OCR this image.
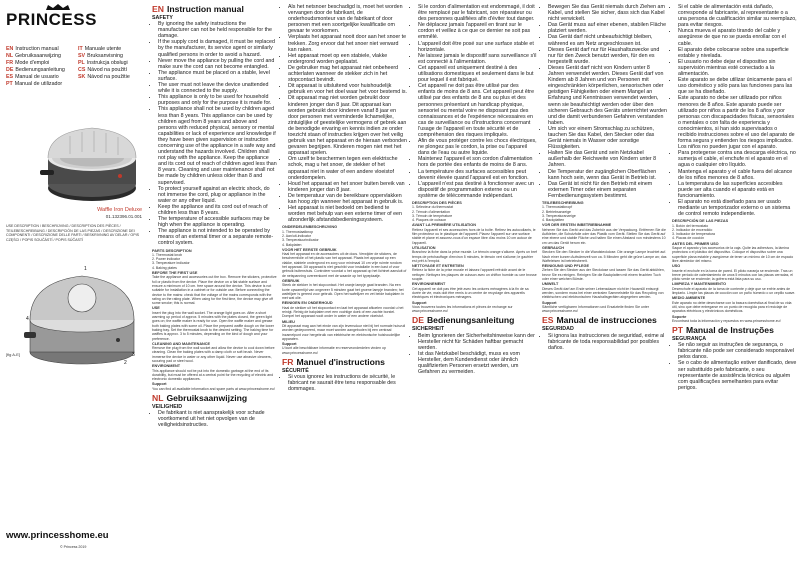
PRINCESS
EN Instruction manual	IT Manuale utente
NL Gebruiksaanwijzing	SV Bruksanvisning
FR Mode d'emploi	PL Instrukcja obsługi
DE Bedienungsanleitung	CS Návod na použití
ES Manual de usuario	SK Návod na použitie
PT Manual de utilizador
Waffle Iron Deluxe
01.132396.01.001
USE DESCRIPTION / BESCHRIJVING / DESCRIPTION DES PIÈCES / TEILEBESCHREIBUNG / DESCRIPCIÓN DE LAS PIEZAS / DESCRIZIONE DEI COMPONENTI / DESCRIZIONE DELLE PARTI / BESKRIVNING AV DELAR / OPIS CZĘŚCI / POPIS SOUČÁSTÍ / POPIS SÚČASTÍ
1
2
3
4
[fig A-E]
www.princesshome.eu
© Princess 2019
EN Instruction manual
SAFETY
• By ignoring the safety instructions the manufacturer can not be held responsible for the damage.
• If the supply cord is damaged, it must be replaced by the manufacturer, its service agent or similarly qualified persons in order to avoid a hazard.
• Never move the appliance by pulling the cord and make sure the cord can not become entangled.
• The appliance must be placed on a stable, level surface.
• The user must not leave the device unattended while it is connected to the supply.
• This appliance is only to be used for household purposes and only for the purpose it is made for.
• This appliance shall not be used by children aged less than 8 years. This appliance can be used by children aged from 8 years and above and persons with reduced physical, sensory or mental capabilities or lack of experience and knowledge if they have been given supervision or instruction concerning use of the appliance in a safe way and understand the hazards involved. Children shall not play with the appliance. Keep the appliance and its cord out of reach of children aged less than 8 years. Cleaning and user maintenance shall not be made by children unless older than 8 and supervised.
• To protect yourself against an electric shock, do not immerse the cord, plug or appliance in the water or any other liquid.
• Keep the appliance and its cord out of reach of children less than 8 years.
• The temperature of accessible surfaces may be high when the appliance is operating.
• The appliance is not intended to be operated by means of an external timer or a separate remote-control system.
PARTS DESCRIPTION
1. Thermostat knob
2. Power indicator
3. Temperature indicator
4. Baking plates
BEFORE THE FIRST USE
Take the appliance and accessories out the box. Remove the stickers, protective foil or plastic from the device. Place the device on a flat stable surface and ensure a minimum of 10 cm. free space around the device. This device is not suitable for installation in a cabinet or for outside use. Before connecting the device to the mains: check that the voltage of the mains corresponds with the rating on the rating plate. When using for the first time, the device may give off some smoke; this is normal.
USE
Insert the plug into the wall socket. The orange light goes on. After a short warming up period of approx. 5 minutes with the plates closed, the green light goes on; the waffle maker is ready for use. Open the waffle maker and grease both baking plates with some oil. Place the prepared waffle dough on the lower baking tray. Set the thermostat knob to the desired setting. The baking time for waffles is approx. 3 to 5 minutes, depending on the kind of dough and your preference.
CLEANING AND MAINTENANCE
Remove the plug from the wall socket and allow the device to cool down before cleaning. Clean the baking plates with a damp cloth or soft brush. Never immerse the device in water or any other liquid. Never use abrasive cleaners, scouring pad or steel wool.
ENVIRONMENT
This appliance should not be put into the domestic garbage at the end of its durability, but must be offered at a central point for the recycling of electric and electronic domestic appliances.
Support
You can find all available information and spare parts at www.princesshome.eu!
NL Gebruiksaanwijzing
VEILIGHEID
• De fabrikant is niet aansprakelijk voor schade voortkomend uit het niet opvolgen van de veiligheidsinstructies.
• Als het netsnoer beschadigd is, moet het worden vervangen door de fabrikant, de onderhoudsmonteur van de fabrikant of door personen met een soortgelijke kwalificatie om gevaar te voorkomen.
• Verplaats het apparaat nooit door aan het snoer te trekken. Zorg ervoor dat het snoer niet verward kan raken.
• Het apparaat moet op een stabiele, vlakke ondergrond worden geplaatst.
• De gebruiker mag het apparaat niet onbeheerd achterlaten wanneer de stekker zich in het stopcontact bevindt.
• Dit apparaat is uitsluitend voor huishoudelijk gebruik en voor het doel waar het voor bestemd is.
• Dit apparaat mag niet worden gebruikt door kinderen jonger dan 8 jaar. Dit apparaat kan worden gebruikt door kinderen vanaf 8 jaar en door personen met verminderde lichamelijke, zintuiglijke of geestelijke vermogens of gebrek aan de benodigde ervaring en kennis indien ze onder toezicht staan of instructies krijgen over het veilig gebruik van het apparaat en de hieraan verbonden gevaren begrijpen. Kinderen mogen niet met het apparaat spelen.
• Om uzelf te beschermen tegen een elektrische schok, mag u het snoer, de stekker of het apparaat niet in water of een andere vloeistof onderdompelen.
• Houd het apparaat en het snoer buiten bereik van kinderen jonger dan 8 jaar.
• De temperatuur van de bereikbare oppervlakken kan hoog zijn wanneer het apparaat in gebruik is.
• Het apparaat is niet bedoeld om bediend te worden met behulp van een externe timer of een afzonderlijk afstandsbedieningssysteem.
ONDERDELENBESCHRIJVING
1. Thermostaatknop
2. Aan/uit-indicator
3. Temperatuurindicator
4. Bakplaten
VOOR HET EERSTE GEBRUIK
Haal het apparaat en de accessoires uit de doos. Verwijder de stickers, de beschermfolie of het plastic van het apparaat. Plaats het apparaat op een vlakke, stabiele ondergrond en zorg voor minimaal 10 cm vrije ruimte rondom het apparaat. Dit apparaat is niet geschikt voor installatie in een kast of voor gebruik buitenshuis. Controleer voordat u het apparaat op het lichtnet aansluit of de netspanning overeenkomt met de waarde op het typeplaatje.
GEBRUIK
Steek de stekker in het stopcontact. Het oranje lampje gaat branden. Na een korte opwarmtijd van ongeveer 5 minuten gaat het groene lampje branden; het wafelijzer is gereed voor gebruik. Open het wafelijzer en vet beide bakplaten in met wat olie.
REINIGEN EN ONDERHOUD
Haal de stekker uit het stopcontact en laat het apparaat afkoelen voordat u het reinigt. Reinig de bakplaten met een vochtige doek of een zachte borstel. Dompel het apparaat nooit onder in water of een andere vloeistof.
MILIEU
Dit apparaat mag aan het einde van zijn levensduur niet bij het normale huisvuil worden gedeponeerd, maar moet worden aangeboden bij een centraal inzamelpunt voor hergebruik van elektrische en elektronische huishoudelijke apparaten.
Support
U kunt alle beschikbare informatie en reserveonderdelen vinden op www.princesshome.eu!
FR Manuel d'instructions
SÉCURITÉ
• Si vous ignorez les instructions de sécurité, le fabricant ne saurait être tenu responsable des dommages.
• Si le cordon d'alimentation est endommagé, il doit être remplacé par le fabricant, son réparateur ou des personnes qualifiées afin d'éviter tout danger.
• Ne déplacez jamais l'appareil en tirant sur le cordon et veillez à ce que ce dernier ne soit pas emmêlé.
• L'appareil doit être posé sur une surface stable et horizontale.
• Ne laissez jamais le dispositif sans surveillance s'il est connecté à l'alimentation.
• Cet appareil est uniquement destiné à des utilisations domestiques et seulement dans le but pour lequel il est fabriqué.
• Cet appareil ne doit pas être utilisé par des enfants de moins de 8 ans. Cet appareil peut être utilisé par des enfants de 8 ans ou plus et des personnes présentant un handicap physique, sensoriel ou mental voire ne disposant pas des connaissances et de l'expérience nécessaires en cas de surveillance ou d'instructions concernant l'usage de l'appareil en toute sécurité et de compréhension des risques impliqués.
• Afin de vous protéger contre les chocs électriques, ne plongez pas le cordon, la prise ou l'appareil dans de l'eau ou autre liquide.
• Maintenez l'appareil et son cordon d'alimentation hors de portée des enfants de moins de 8 ans.
• La température des surfaces accessibles peut devenir élevée quand l'appareil est en fonction.
• L'appareil n'est pas destiné à fonctionner avec un dispositif de programmation externe ou un système de télécommande indépendant.
DESCRIPTION DES PIÈCES
1. Sélecteur du thermostat
2. Témoin d'alimentation
3. Témoin de température
4. Plaques de cuisson
AVANT LA PREMIÈRE UTILISATION
Retirez l'appareil et ses accessoires hors de la boîte. Retirez les autocollants, le film protecteur ou le plastique de l'appareil. Placez l'appareil sur une surface stable et plane et assurez-vous d'un espace libre d'au moins 10 cm autour de l'appareil.
UTILISATION
Branchez la fiche dans la prise murale. Le témoin orange s'allume. Après un bref temps de préchauffage d'environ 5 minutes, le témoin vert s'allume; le gaufrier est prêt à l'emploi.
NETTOYAGE ET ENTRETIEN
Retirez la fiche de la prise murale et laissez l'appareil refroidir avant de le nettoyer. Nettoyez les plaques de cuisson avec un chiffon humide ou une brosse souple.
ENVIRONNEMENT
Cet appareil ne doit pas être jeté avec les ordures ménagères à la fin de sa durée de vie, mais doit être remis à un centre de recyclage des appareils électriques et électroniques ménagers.
Support
Vous trouverez toutes les informations et pièces de rechange sur www.princesshome.eu!
DE Bedienungsanleitung
SICHERHEIT
• Beim Ignorieren der Sicherheitshinweise kann der Hersteller nicht für Schäden haftbar gemacht werden.
• Ist das Netzkabel beschädigt, muss es vom Hersteller, dem Kundendienst oder ähnlich qualifizierten Personen ersetzt werden, um Gefahren zu vermeiden.
• Bewegen Sie das Gerät niemals durch Ziehen am Kabel, und stellen Sie sicher, dass sich das Kabel nicht verwickelt.
• Das Gerät muss auf einer ebenen, stabilen Fläche platziert werden.
• Das Gerät darf nicht unbeaufsichtigt bleiben, während es am Netz angeschlossen ist.
• Dieses Gerät darf nur für Haushaltszwecke und nur für den Zweck benutzt werden, für den es hergestellt wurde.
• Dieses Gerät darf nicht von Kindern unter 8 Jahren verwendet werden. Dieses Gerät darf von Kindern ab 8 Jahren und von Personen mit eingeschränkten körperlichen, sensorischen oder geistigen Fähigkeiten oder einem Mangel an Erfahrung und Kenntnissen verwendet werden, wenn sie beaufsichtigt werden oder über den sicheren Gebrauch des Geräts unterrichtet wurden und die damit verbundenen Gefahren verstanden haben.
• Um sich vor einem Stromschlag zu schützen, tauchen Sie das Kabel, den Stecker oder das Gerät niemals in Wasser oder sonstige Flüssigkeiten.
• Halten Sie das Gerät und sein Netzkabel außerhalb der Reichweite von Kindern unter 8 Jahren.
• Die Temperatur der zugänglichen Oberflächen kann hoch sein, wenn das Gerät in Betrieb ist.
• Das Gerät ist nicht für den Betrieb mit einem externen Timer oder einem separaten Fernbedienungssystem bestimmt.
TEILEBESCHREIBUNG
1. Thermostatknopf
2. Betriebsanzeige
3. Temperaturanzeige
4. Backplatten
VOR DER ERSTEN INBETRIEBNAHME
Nehmen Sie das Gerät und das Zubehör aus der Verpackung. Entfernen Sie die Aufkleber, die Schutzfolie oder das Plastik vom Gerät. Stellen Sie das Gerät auf eine ebene und stabile Fläche und halten Sie einen Abstand von mindestens 10 cm um das Gerät herum ein.
GEBRAUCH
Stecken Sie den Stecker in die Wandsteckdose. Die orange Lampe leuchtet auf. Nach einer kurzen Aufwärmzeit von ca. 5 Minuten geht die grüne Lampe an; das Waffeleisen ist betriebsbereit.
REINIGUNG UND PFLEGE
Ziehen Sie den Stecker aus der Steckdose und lassen Sie das Gerät abkühlen, bevor Sie es reinigen. Reinigen Sie die Backplatten mit einem feuchten Tuch oder einer weichen Bürste.
UMWELT
Dieses Gerät darf am Ende seiner Lebensdauer nicht im Hausmüll entsorgt werden, sondern muss bei einer zentralen Sammelstelle für das Recycling von elektrischen und elektronischen Haushaltsgeräten abgegeben werden.
Support
Sämtliche verfügbaren Informationen und Ersatzteile finden Sie unter www.princesshome.eu!
ES Manual de instrucciones
SEGURIDAD
• Si ignora las instrucciones de seguridad, exime al fabricante de toda responsabilidad por posibles daños.
• Si el cable de alimentación está dañado, corresponde al fabricante, al representante o a una persona de cualificación similar su reemplazo, para evitar riesgos.
• Nunca mueva el aparato tirando del cable y asegúrese de que no se pueda enrollar con el cable.
• El aparato debe colocarse sobre una superficie estable y nivelada.
• El usuario no debe dejar el dispositivo sin supervisión mientras esté conectado a la alimentación.
• Este aparato se debe utilizar únicamente para el uso doméstico y sólo para las funciones para las que se ha diseñado.
• Este aparato no debe ser utilizado por niños menores de 8 años. Este aparato puede ser utilizado por niños a partir de los 8 años y por personas con discapacidades físicas, sensoriales o mentales o con falta de experiencia y conocimientos, si han sido supervisados o recibido instrucciones sobre el uso del aparato de forma segura y entienden los riesgos implicados. Los niños no pueden jugar con el aparato.
• Para protegerse contra una descarga eléctrica, no sumerja el cable, el enchufe ni el aparato en el agua o cualquier otro líquido.
• Mantenga el aparato y el cable fuera del alcance de los niños menores de 8 años.
• La temperatura de las superficies accesibles puede ser alta cuando el aparato está en funcionamiento.
• El aparato no está diseñado para ser usado mediante un temporizador externo o un sistema de control remoto independiente.
DESCRIPCIÓN DE LAS PIEZAS
1. Botón del termostato
2. Indicador de encendido
3. Indicador de temperatura
4. Placas de cocción
ANTES DEL PRIMER USO
Saque el aparato y los accesorios de la caja. Quite las adhesivos, la lámina protectora o el plástico del dispositivo. Coloque el dispositivo sobre una superficie plana estable y asegúrese de tener un mínimo de 10 cm de espacio libre alrededor del mismo.
USO
Inserte el enchufe en la toma de pared. El piloto naranja se enciende. Tras un breve periodo de calentamiento de unos 5 minutos con las placas cerradas, el piloto verde se enciende; la gofrera está lista para su uso.
LIMPIEZA Y MANTENIMIENTO
Desenchufe el aparato de la toma de corriente y deje que se enfríe antes de limpiarlo. Limpie las placas de cocción con un paño húmedo o un cepillo suave.
MEDIO AMBIENTE
Este aparato no debe desecharse con la basura doméstica al final de su vida útil, sino que debe entregarse en un punto de recogida para el reciclaje de aparatos eléctricos y electrónicos domésticos.
Soporte
Encontrará toda la información y repuestos en www.princesshome.eu!
PT Manual de Instruções
SEGURANÇA
• Se não seguir as instruções de segurança, o fabricante não pode ser considerado responsável pelos danos.
• Se o cabo de alimentação estiver danificado, deve ser substituído pelo fabricante, o seu representante de assistência técnica ou alguém com qualificações semelhantes para evitar perigos.
